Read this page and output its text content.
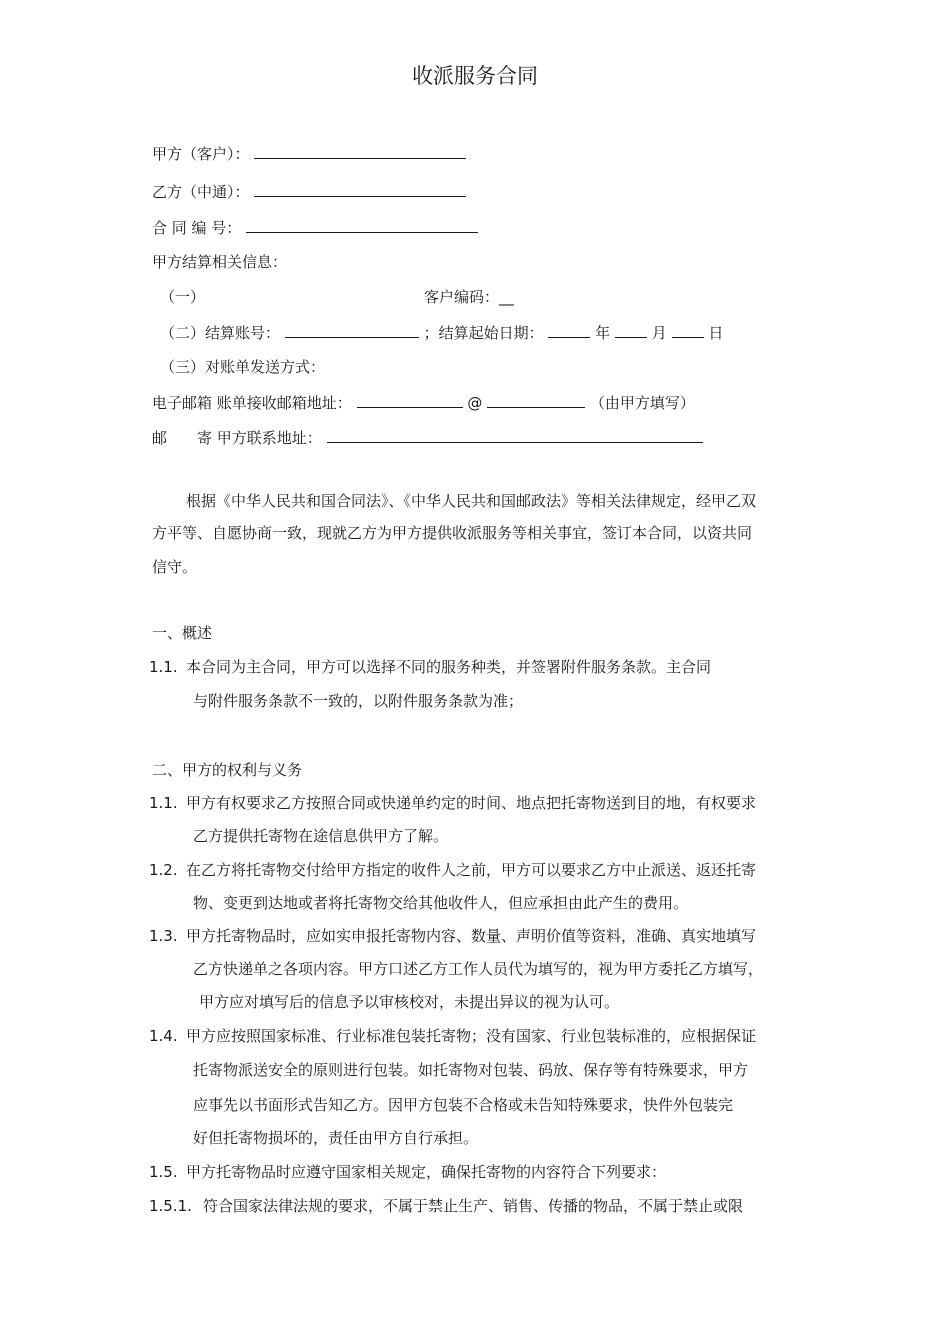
收派服务合同
甲方（客户）：
乙方（中通）：
合 同 编 号：
甲方结算相关信息：
（一）	客户编码：__
（二）结算账号：	；结算起始日期：	年	月	日
（三）对账单发送方式：
电子邮箱 账单接收邮箱地址：	@	（由甲方填写）
邮　　寄 甲方联系地址：
根据《中华人民共和国合同法》、《中华人民共和国邮政法》等相关法律规定，经甲乙双
方平等、自愿协商一致，现就乙方为甲方提供收派服务等相关事宜，签订本合同，以资共同
信守。
一、概述
1.1. 本合同为主合同，甲方可以选择不同的服务种类，并签署附件服务条款。主合同
与附件服务条款不一致的，以附件服务条款为准；
二、甲方的权利与义务
1.1. 甲方有权要求乙方按照合同或快递单约定的时间、地点把托寄物送到目的地，有权要求
乙方提供托寄物在途信息供甲方了解。
1.2. 在乙方将托寄物交付给甲方指定的收件人之前，甲方可以要求乙方中止派送、返还托寄
物、变更到达地或者将托寄物交给其他收件人，但应承担由此产生的费用。
1.3. 甲方托寄物品时，应如实申报托寄物内容、数量、声明价值等资料，准确、真实地填写
乙方快递单之各项内容。甲方口述乙方工作人员代为填写的，视为甲方委托乙方填写，
甲方应对填写后的信息予以审核校对，未提出异议的视为认可。
1.4. 甲方应按照国家标准、行业标准包装托寄物；没有国家、行业包装标准的，应根据保证
托寄物派送安全的原则进行包装。如托寄物对包装、码放、保存等有特殊要求，甲方
应事先以书面形式告知乙方。因甲方包装不合格或未告知特殊要求，快件外包装完
好但托寄物损坏的，责任由甲方自行承担。
1.5. 甲方托寄物品时应遵守国家相关规定，确保托寄物的内容符合下列要求：
1.5.1. 符合国家法律法规的要求，不属于禁止生产、销售、传播的物品，不属于禁止或限
